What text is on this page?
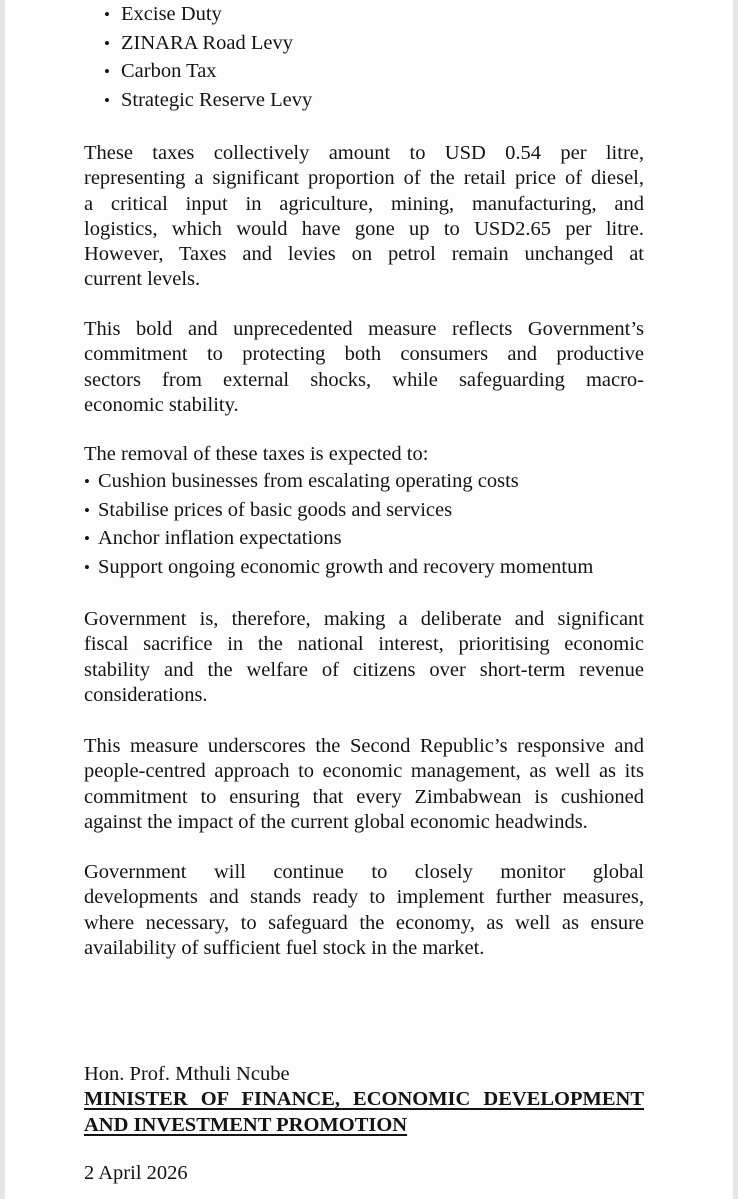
• Excise Duty
• ZINARA Road Levy
• Carbon Tax
• Strategic Reserve Levy
These taxes collectively amount to USD 0.54 per litre,
representing a significant proportion of the retail price of diesel,
a critical input in agriculture, mining, manufacturing, and
logistics, which would have gone up to USD2.65 per litre.
However, Taxes and levies on petrol remain unchanged at
current levels.
This bold and unprecedented measure reflects Government’s
commitment to protecting both consumers and productive
sectors from external shocks, while safeguarding macro-
economic stability.
The removal of these taxes is expected to:
• Cushion businesses from escalating operating costs
• Stabilise prices of basic goods and services
• Anchor inflation expectations
• Support ongoing economic growth and recovery momentum
Government is, therefore, making a deliberate and significant
fiscal sacrifice in the national interest, prioritising economic
stability and the welfare of citizens over short-term revenue
considerations.
This measure underscores the Second Republic’s responsive and
people-centred approach to economic management, as well as its
commitment to ensuring that every Zimbabwean is cushioned
against the impact of the current global economic headwinds.
Government will continue to closely monitor global
developments and stands ready to implement further measures,
where necessary, to safeguard the economy, as well as ensure
availability of sufficient fuel stock in the market.
Hon. Prof. Mthuli Ncube
MINISTER OF FINANCE, ECONOMIC DEVELOPMENT
AND INVESTMENT PROMOTION
2 April 2026
